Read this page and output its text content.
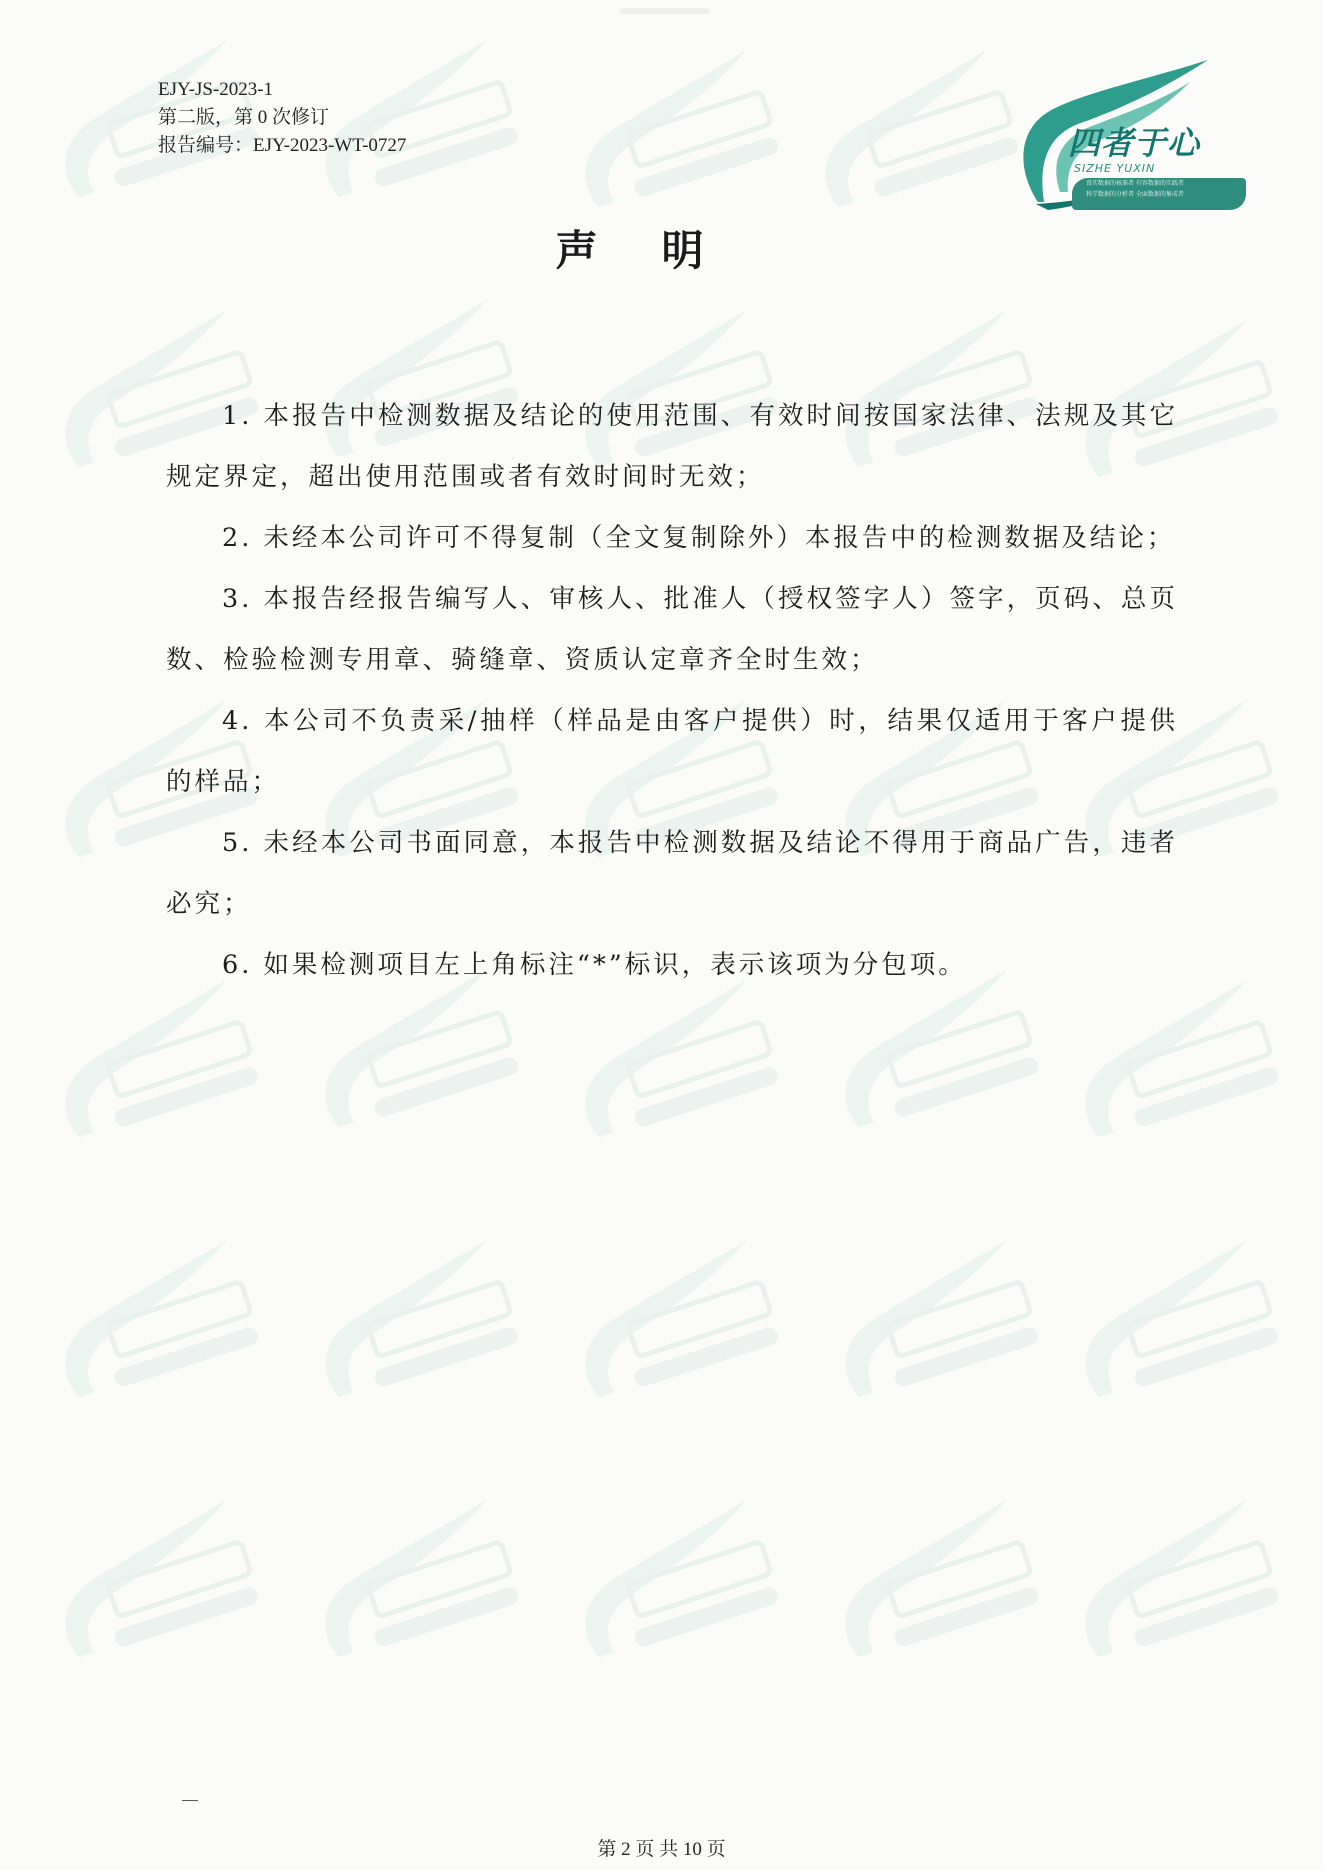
EJY-JS-2023-1
第二版，第 0 次修订
报告编号：EJY-2023-WT-0727	四者于心
SIZHE YUXIN
真实数据的核准者 有容数据的实践者
科学数据的分析者 全面数据的集成者
声明

1. 本报告中检测数据及结论的使用范围、有效时间按国家法律、法规及其它规定界定，超出使用范围或者有效时间时无效；

2. 未经本公司许可不得复制（全文复制除外）本报告中的检测数据及结论；

3. 本报告经报告编写人、审核人、批准人（授权签字人）签字，页码、总页数、检验检测专用章、骑缝章、资质认定章齐全时生效；

4. 本公司不负责采/抽样（样品是由客户提供）时，结果仅适用于客户提供的样品；

5. 未经本公司书面同意，本报告中检测数据及结论不得用于商品广告，违者必究；

6. 如果检测项目左上角标注“*”标识，表示该项为分包项。

第 2 页 共 10 页
